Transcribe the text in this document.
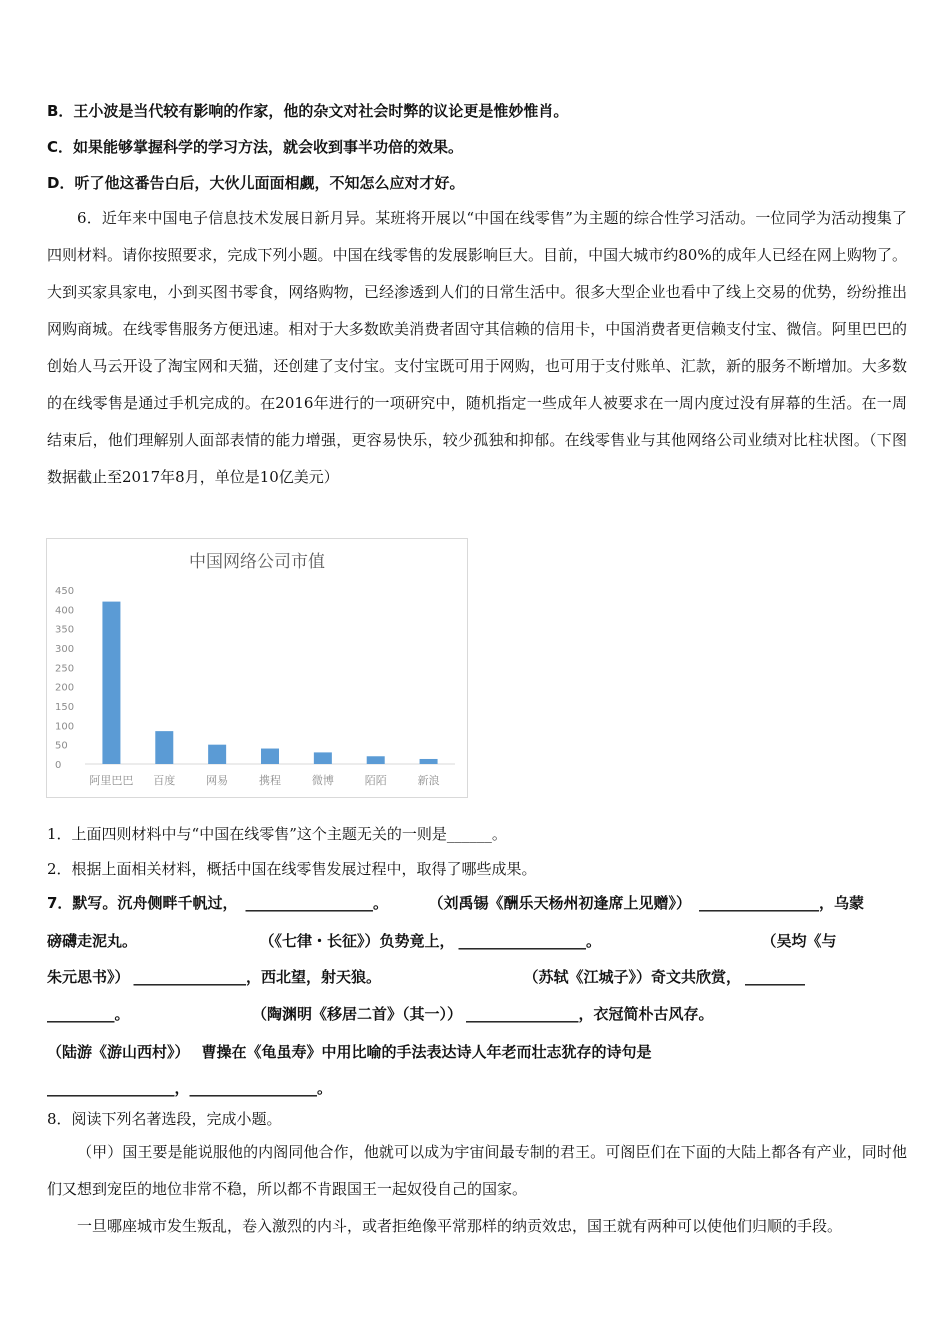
B．王小波是当代较有影响的作家，他的杂文对社会时弊的议论更是惟妙惟肖。
C．如果能够掌握科学的学习方法，就会收到事半功倍的效果。
D．听了他这番告白后，大伙儿面面相觑，不知怎么应对才好。
6．近年来中国电子信息技术发展日新月异。某班将开展以“中国在线零售”为主题的综合性学习活动。一位同学为活动搜集了四则材料。请你按照要求，完成下列小题。中国在线零售的发展影响巨大。目前，中国大城市约80%的成年人已经在网上购物了。大到买家具家电，小到买图书零食，网络购物，已经渗透到人们的日常生活中。很多大型企业也看中了线上交易的优势，纷纷推出网购商城。在线零售服务方便迅速。相对于大多数欧美消费者固守其信赖的信用卡，中国消费者更信赖支付宝、微信。阿里巴巴的创始人马云开设了淘宝网和天猫，还创建了支付宝。支付宝既可用于网购，也可用于支付账单、汇款，新的服务不断增加。大多数的在线零售是通过手机完成的。在2016年进行的一项研究中，随机指定一些成年人被要求在一周内度过没有屏幕的生活。在一周结束后，他们理解别人面部表情的能力增强，更容易快乐，较少孤独和抑郁。在线零售业与其他网络公司业绩对比柱状图。（下图数据截止至2017年8月，单位是10亿美元）
中国网络公司市值
0
50
100
150
200
250
300
350
400
450
阿里巴巴 百度	网易	携程	微博	陌陌	新浪
1．上面四则材料中与“中国在线零售”这个主题无关的一则是______。
2．根据上面相关材料，概括中国在线零售发展过程中，取得了哪些成果。
7．默写。沉舟侧畔千帆过， _________________。	（刘禹锡《酬乐天杨州初逢席上见赠》） ________________，乌蒙
磅礴走泥丸。	（《七律・长征》）负势竟上， _________________。	（吴均《与
朱元思书》） _______________，西北望，射天狼。	（苏轼《江城子》）奇文共欣赏， ________
_________。	（陶渊明《移居二首》（其一）） _______________，衣冠简朴古风存。
（陆游《游山西村》） 曹操在《龟虽寿》中用比喻的手法表达诗人年老而壮志犹存的诗句是
_________________，_________________。
8．阅读下列名著选段，完成小题。
（甲）国王要是能说服他的内阁同他合作，他就可以成为宇宙间最专制的君王。可阁臣们在下面的大陆上都各有产业，同时他们又想到宠臣的地位非常不稳，所以都不肯跟国王一起奴役自己的国家。
一旦哪座城市发生叛乱，卷入激烈的内斗，或者拒绝像平常那样的纳贡效忠，国王就有两种可以使他们归顺的手段。
